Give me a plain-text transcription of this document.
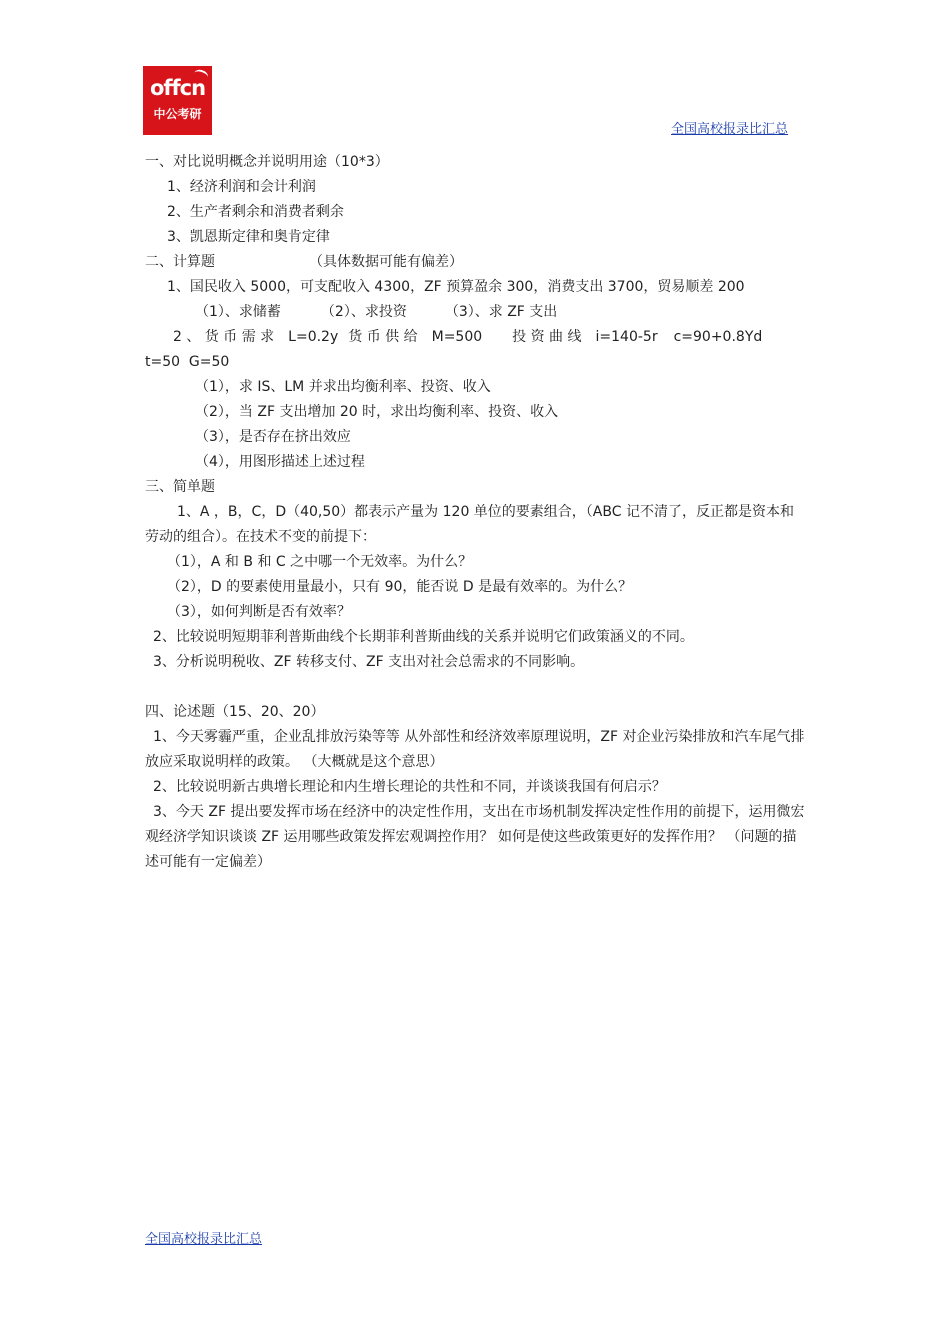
offcn
中公考研
全国高校报录比汇总

一、对比说明概念并说明用途（10*3）

1、经济利润和会计利润

2、生产者剩余和消费者剩余

3、凯恩斯定律和奥肯定律

二、计算题	（具体数据可能有偏差）

1、国民收入 5000，可支配收入 4300，ZF 预算盈余 300，消费支出 3700，贸易顺差 200

（1）、求储蓄	（2）、求投资	（3）、求 ZF 支出

2 、 货 币 需 求 L=0.2y 货 币 供 给 M=500 投 资 曲 线 i=140-5r c=90+0.8Yd

t=50  G=50

（1），求 IS、LM 并求出均衡利率、投资、收入

（2），当 ZF 支出增加 20 时，求出均衡利率、投资、收入

（3），是否存在挤出效应

（4），用图形描述上述过程

三、简单题

1、A ，B，C，D（40,50）都表示产量为 120 单位的要素组合，（ABC 记不清了，反正都是资本和劳动的组合）。在技术不变的前提下：

（1），A 和 B 和 C 之中哪一个无效率。为什么？

（2），D 的要素使用量最小，只有 90，能否说 D 是最有效率的。为什么？

（3），如何判断是否有效率？

2、比较说明短期菲利普斯曲线个长期菲利普斯曲线的关系并说明它们政策涵义的不同。

3、分析说明税收、ZF 转移支付、ZF 支出对社会总需求的不同影响。

四、论述题（15、20、20）

1、今天雾霾严重，企业乱排放污染等等 从外部性和经济效率原理说明，ZF 对企业污染排放和汽车尾气排放应采取说明样的政策。 （大概就是这个意思）

2、比较说明新古典增长理论和内生增长理论的共性和不同，并谈谈我国有何启示？

3、今天 ZF 提出要发挥市场在经济中的决定性作用，支出在市场机制发挥决定性作用的前提下，运用微宏观经济学知识谈谈 ZF 运用哪些政策发挥宏观调控作用？ 如何是使这些政策更好的发挥作用？ （问题的描述可能有一定偏差）

全国高校报录比汇总
